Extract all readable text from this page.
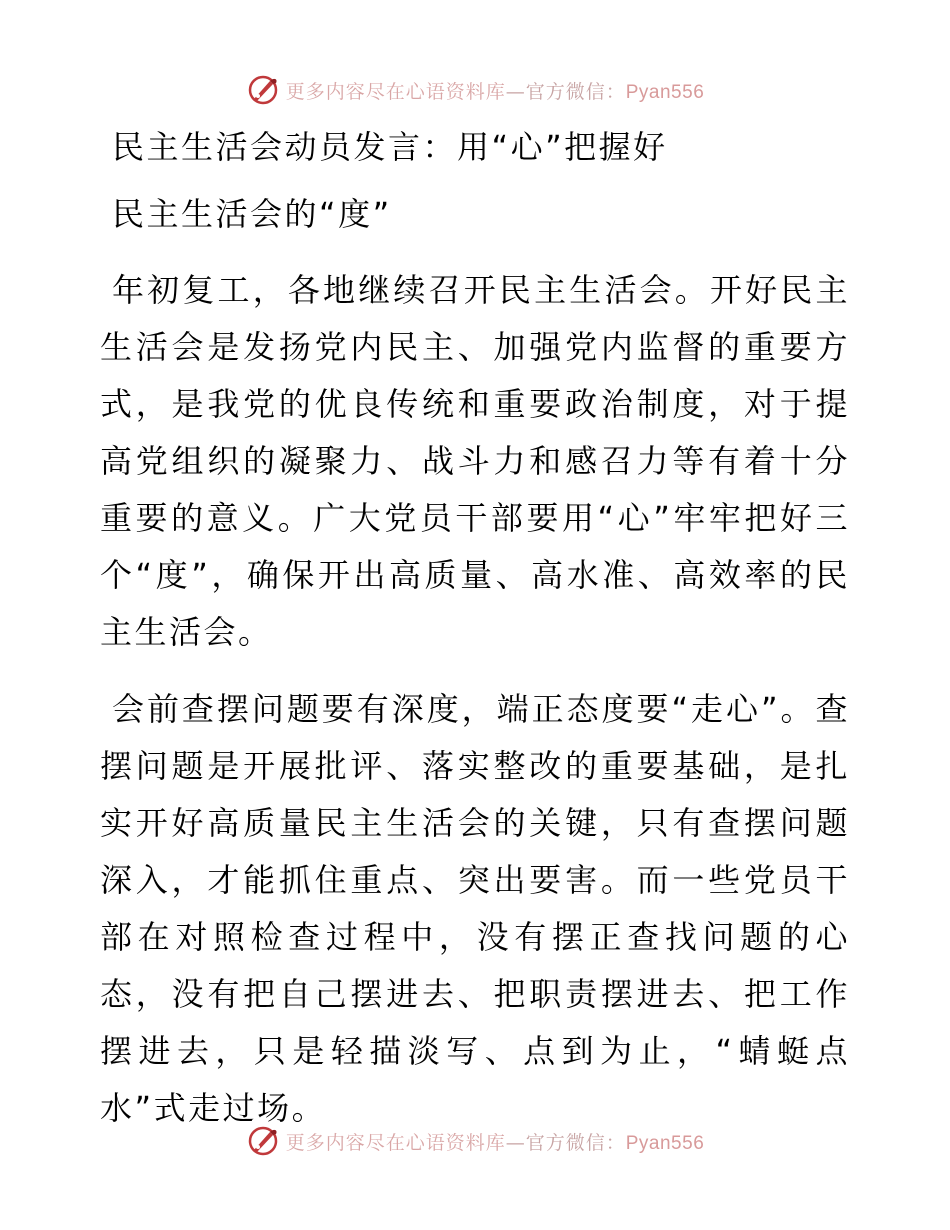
更多内容尽在心语资料库—官方微信：Pyan556
民主生活会动员发言：用“心”把握好
民主生活会的“度”

年初复工，各地继续召开民主生活会。开好民主生活会是发扬党内民主、加强党内监督的重要方式，是我党的优良传统和重要政治制度，对于提高党组织的凝聚力、战斗力和感召力等有着十分重要的意义。广大党员干部要用“心”牢牢把好三个“度”，确保开出高质量、高水准、高效率的民主生活会。

会前查摆问题要有深度，端正态度要“走心”。查摆问题是开展批评、落实整改的重要基础，是扎实开好高质量民主生活会的关键，只有查摆问题深入，才能抓住重点、突出要害。而一些党员干部在对照检查过程中，没有摆正查找问题的心态，没有把自己摆进去、把职责摆进去、把工作摆进去，只是轻描淡写、点到为止，“蜻蜓点水”式走过场。

更多内容尽在心语资料库—官方微信：Pyan556
